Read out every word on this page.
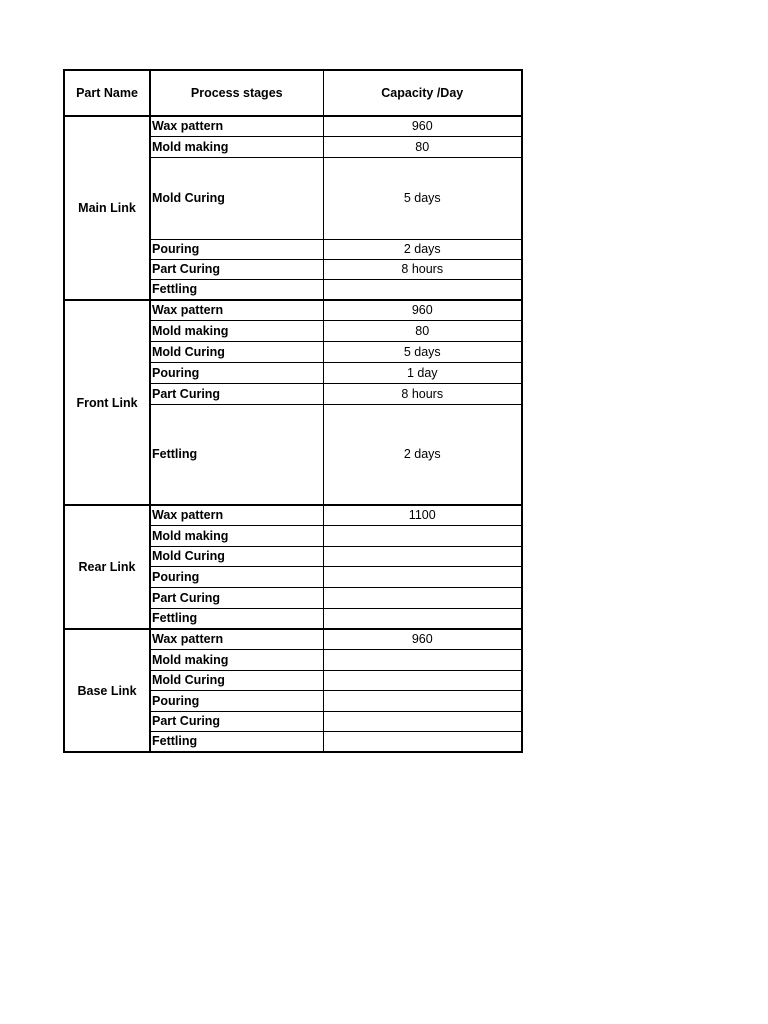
Part Name	Process stages	Capacity /Day
Main Link	Wax pattern	960
	Mold making	80
	Mold Curing	5 days
	Pouring	2 days
	Part Curing	8 hours
	Fettling	
Front Link	Wax pattern	960
	Mold making	80
	Mold Curing	5 days
	Pouring	1 day
	Part Curing	8 hours
	Fettling	2 days
Rear Link	Wax pattern	1100
	Mold making	
	Mold Curing	
	Pouring	
	Part Curing	
	Fettling	
Base Link	Wax pattern	960
	Mold making	
	Mold Curing	
	Pouring	
	Part Curing	
	Fettling	
